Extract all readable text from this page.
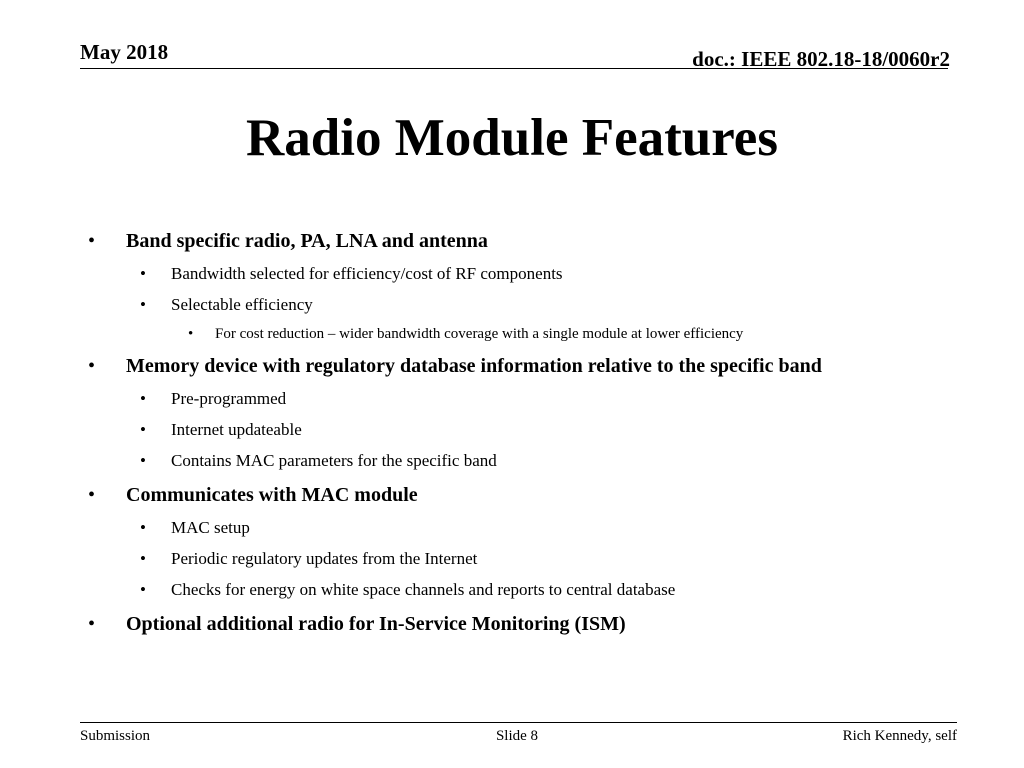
May 2018	doc.: IEEE 802.18-18/0060r2
Radio Module Features
• Band specific radio, PA, LNA and antenna
• Bandwidth selected for efficiency/cost of RF components
• Selectable efficiency
• For cost reduction – wider bandwidth coverage with a single module at lower efficiency
• Memory device with regulatory database information relative to the specific band
• Pre-programmed
• Internet updateable
• Contains MAC parameters for the specific band
• Communicates with MAC module
• MAC setup
• Periodic regulatory updates from the Internet
• Checks for energy on white space channels and reports to central database
• Optional additional radio for In-Service Monitoring (ISM)
Submission	Slide 8	Rich Kennedy, self
